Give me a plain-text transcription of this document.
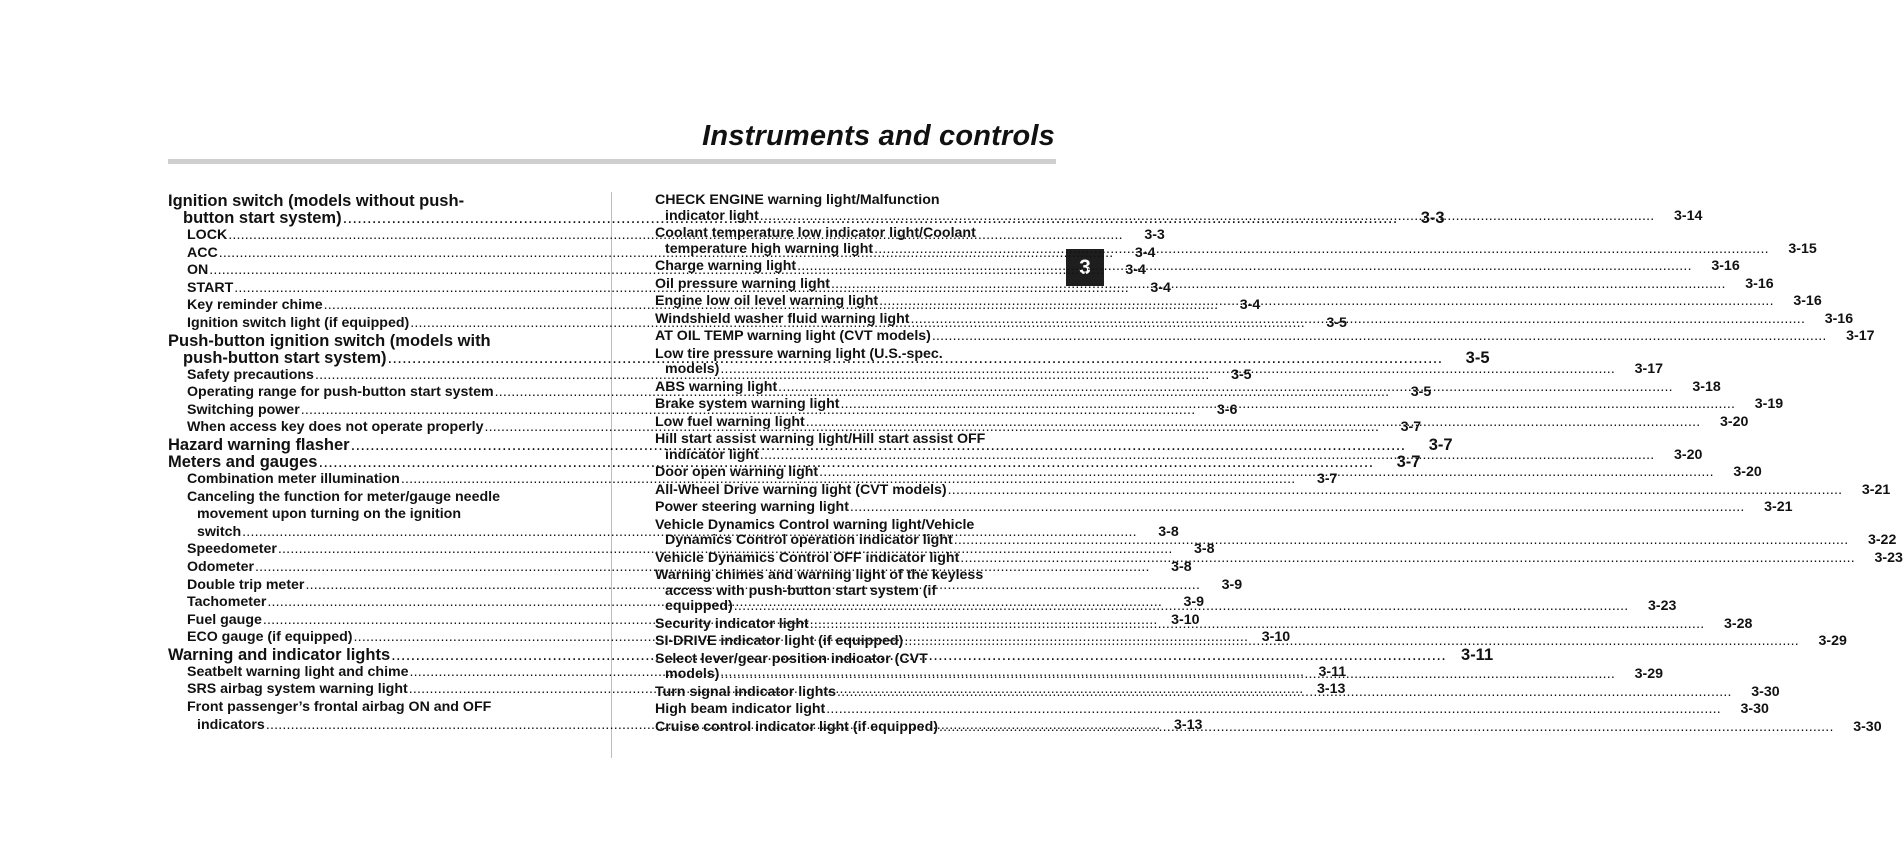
Instruments and controls
3
Ignition switch (models without push-
button start system) .....	3-3
LOCK .....	3-3
ACC .....	3-4
ON .....	3-4
START .....	3-4
Key reminder chime .....	3-4
Ignition switch light (if equipped) .....	3-5
Push-button ignition switch (models with
push-button start system) .....	3-5
Safety precautions .....	3-5
Operating range for push-button start system .....	3-5
Switching power .....	3-6
When access key does not operate properly .....	3-7
Hazard warning flasher .....	3-7
Meters and gauges .....	3-7
Combination meter illumination .....	3-7
Canceling the function for meter/gauge needle
movement upon turning on the ignition
switch .....	3-8
Speedometer .....	3-8
Odometer .....	3-8
Double trip meter .....	3-9
Tachometer .....	3-9
Fuel gauge .....	3-10
ECO gauge (if equipped) .....	3-10
Warning and indicator lights .....	3-11
Seatbelt warning light and chime .....	3-11
SRS airbag system warning light .....	3-13
Front passenger’s frontal airbag ON and OFF
indicators .....	3-13
CHECK ENGINE warning light/Malfunction
indicator light .....	3-14
Coolant temperature low indicator light/Coolant
temperature high warning light .....	3-15
Charge warning light .....	3-16
Oil pressure warning light .....	3-16
Engine low oil level warning light .....	3-16
Windshield washer fluid warning light .....	3-16
AT OIL TEMP warning light (CVT models) .....	3-17
Low tire pressure warning light (U.S.-spec.
models) .....	3-17
ABS warning light .....	3-18
Brake system warning light .....	3-19
Low fuel warning light .....	3-20
Hill start assist warning light/Hill start assist OFF
indicator light .....	3-20
Door open warning light .....	3-20
All-Wheel Drive warning light (CVT models) .....	3-21
Power steering warning light .....	3-21
Vehicle Dynamics Control warning light/Vehicle
Dynamics Control operation indicator light .....	3-22
Vehicle Dynamics Control OFF indicator light .....	3-23
Warning chimes and warning light of the keyless
access with push-button start system (if
equipped) .....	3-23
Security indicator light .....	3-28
SI-DRIVE indicator light (if equipped) .....	3-29
Select lever/gear position indicator (CVT
models) .....	3-29
Turn signal indicator lights .....	3-30
High beam indicator light .....	3-30
Cruise control indicator light (if equipped) .....	3-30
